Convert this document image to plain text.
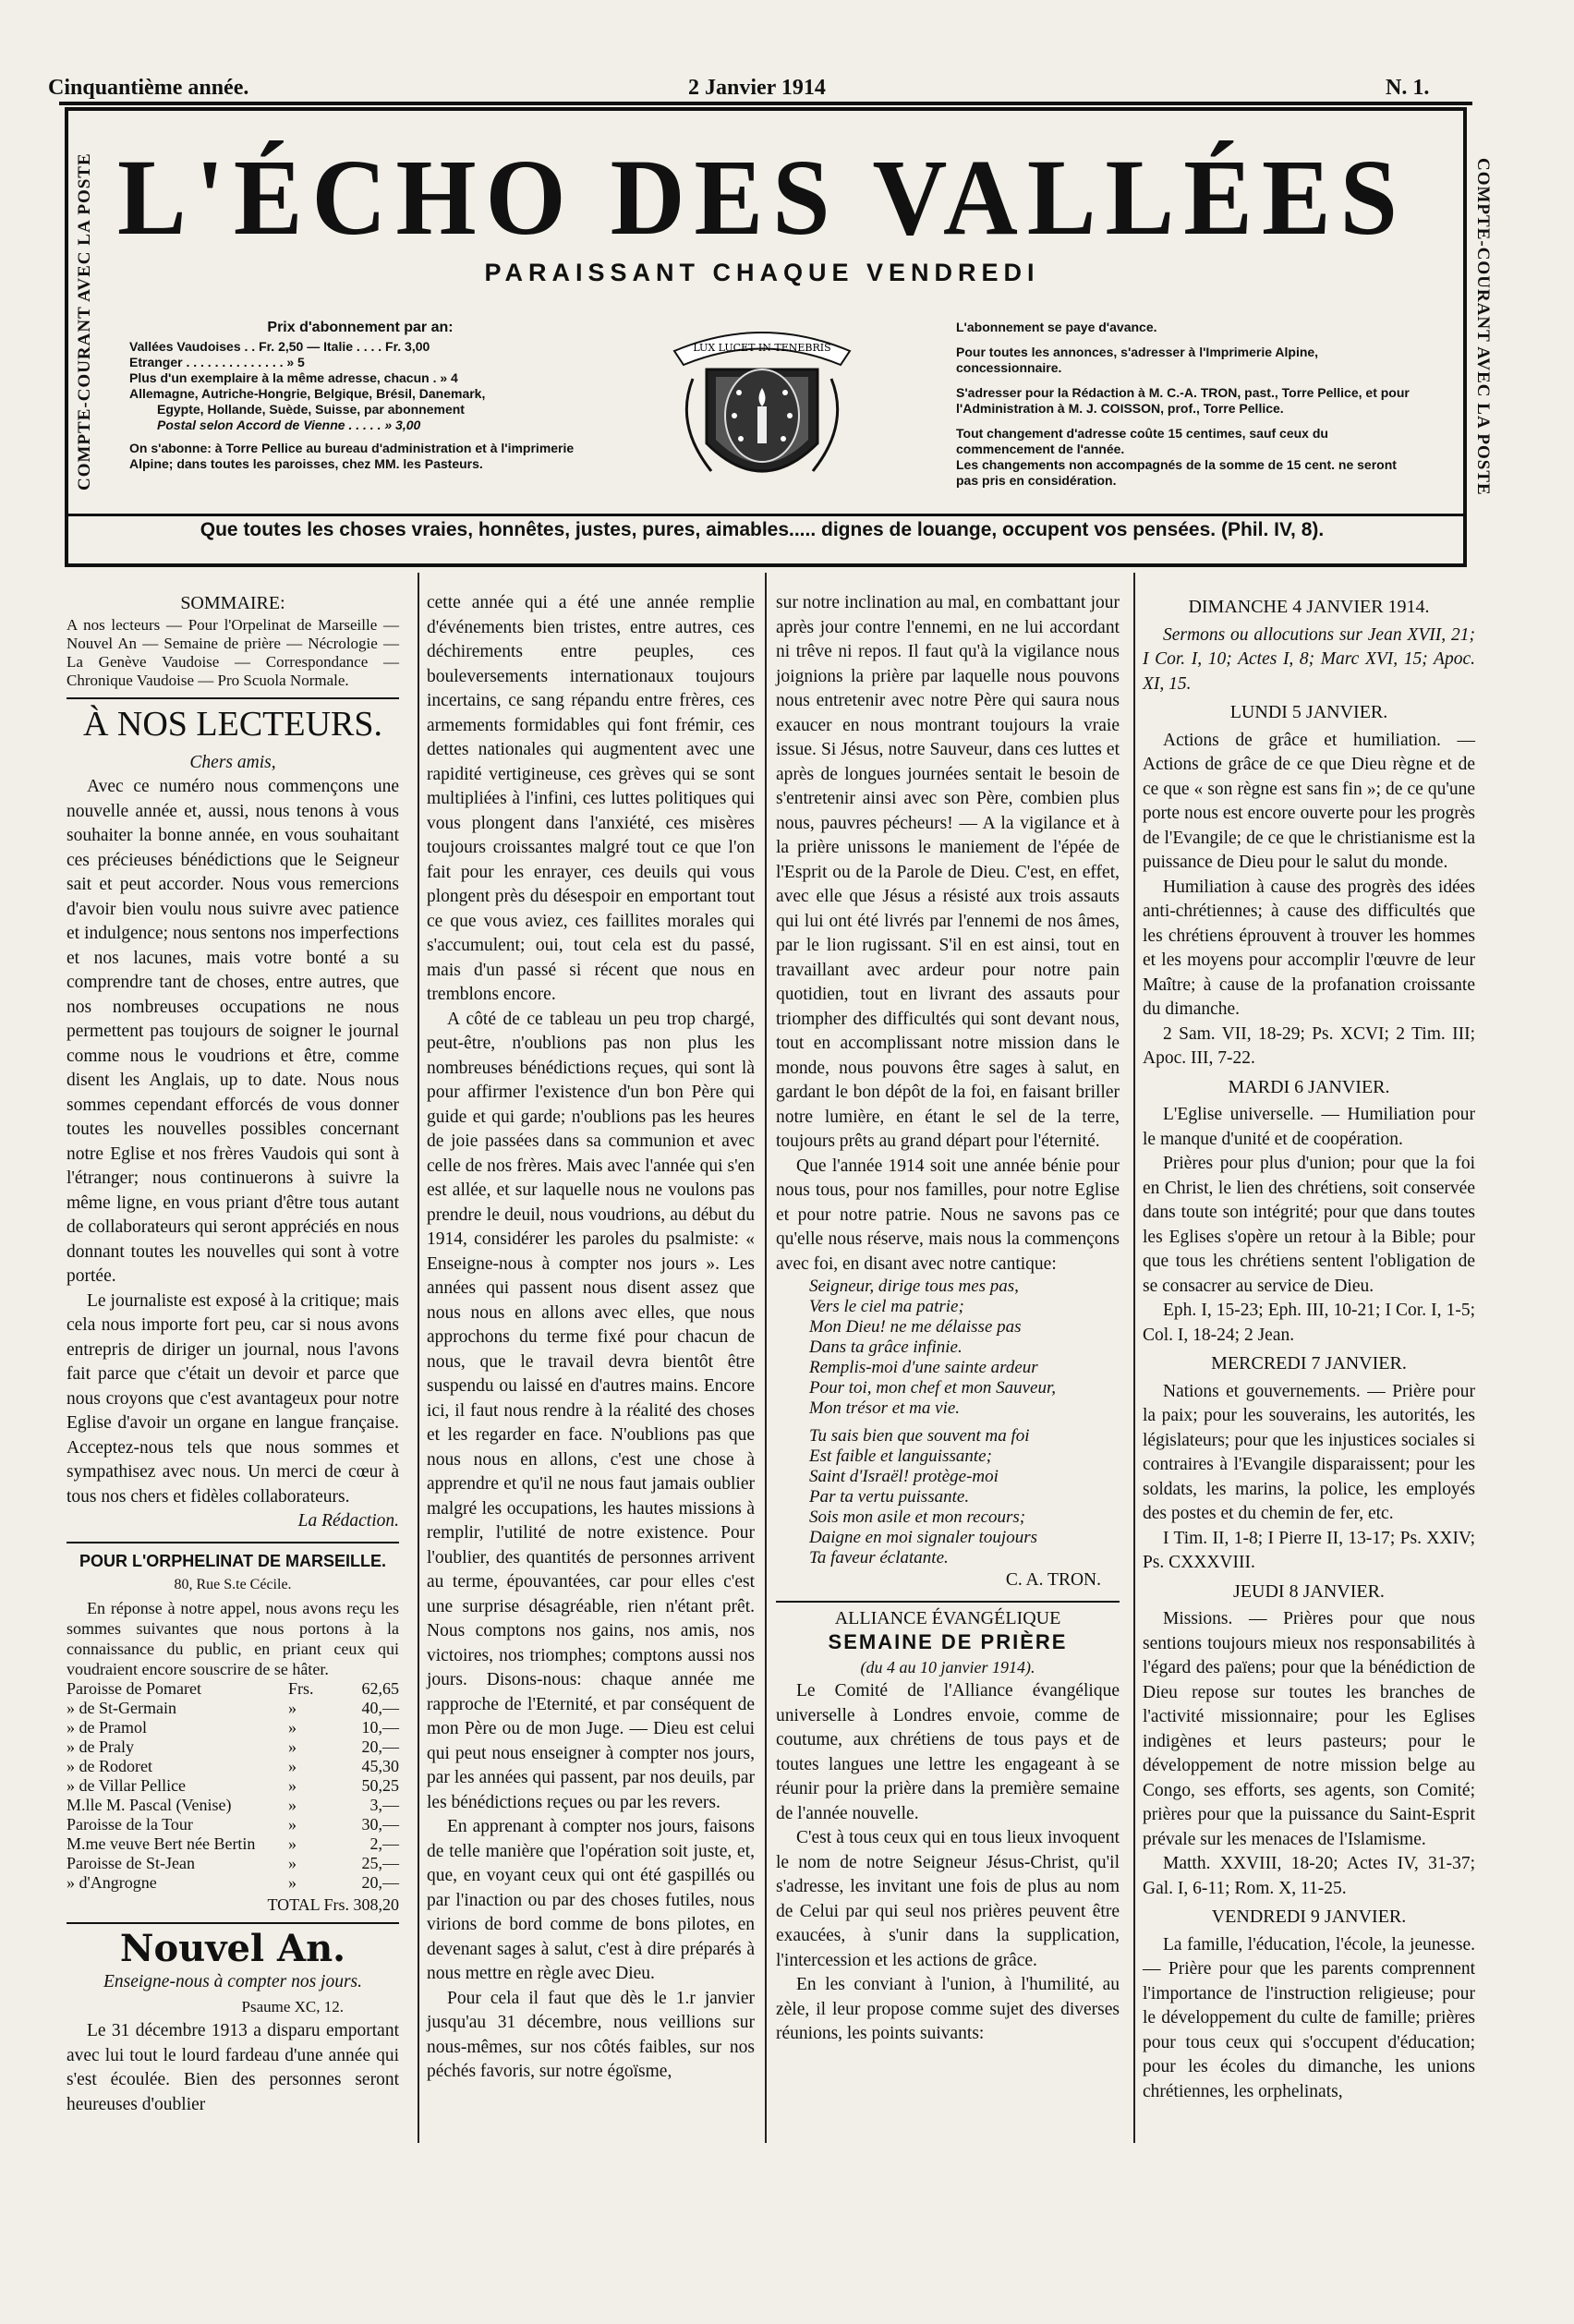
Cinquantième année.	2 Janvier 1914	N. 1.
COMPTE-COURANT AVEC LA POSTE	COMPTE-COURANT AVEC LA POSTE
L'ÉCHO DES VALLÉES
PARAISSANT CHAQUE VENDREDI
Prix d'abonnement par an:
Vallées Vaudoises . . Fr. 2,50 — Italie . . . . Fr. 3,00
Etranger . . . . . . . . . . . . . . » 5
Plus d'un exemplaire à la même adresse, chacun . » 4
Allemagne, Autriche-Hongrie, Belgique, Brésil, Danemark,
Egypte, Hollande, Suède, Suisse, par abonnement
Postal selon Accord de Vienne . . . . . » 3,00
On s'abonne: à Torre Pellice au bureau d'administration et à l'imprimerie Alpine; dans toutes les paroisses, chez MM. les Pasteurs.
LUX LUCET IN TENEBRIS
L'abonnement se paye d'avance.
Pour toutes les annonces, s'adresser à l'Imprimerie Alpine, concessionnaire.
S'adresser pour la Rédaction à M. C.-A. TRON, past., Torre Pellice, et pour l'Administration à M. J. COISSON, prof., Torre Pellice.
Tout changement d'adresse coûte 15 centimes, sauf ceux du commencement de l'année.
Les changements non accompagnés de la somme de 15 cent. ne seront pas pris en considération.
Que toutes les choses vraies, honnêtes, justes, pures, aimables..... dignes de louange, occupent vos pensées. (Phil. IV, 8).
SOMMAIRE:
A nos lecteurs — Pour l'Orpelinat de Marseille — Nouvel An — Semaine de prière — Nécrologie — La Genève Vaudoise — Correspondance — Chronique Vaudoise — Pro Scuola Normale.
À NOS LECTEURS.
Chers amis,

Avec ce numéro nous commençons une nouvelle année et, aussi, nous tenons à vous souhaiter la bonne année, en vous souhaitant ces précieuses bénédictions que le Seigneur sait et peut accorder. Nous vous remercions d'avoir bien voulu nous suivre avec patience et indulgence; nous sentons nos imperfections et nos lacunes, mais votre bonté a su comprendre tant de choses, entre autres, que nos nombreuses occupations ne nous permettent pas toujours de soigner le journal comme nous le voudrions et être, comme disent les Anglais, up to date. Nous nous sommes cependant efforcés de vous donner toutes les nouvelles possibles concernant notre Eglise et nos frères Vaudois qui sont à l'étranger; nous continuerons à suivre la même ligne, en vous priant d'être tous autant de collaborateurs qui seront appréciés en nous donnant toutes les nouvelles qui sont à votre portée.

Le journaliste est exposé à la critique; mais cela nous importe fort peu, car si nous avons entrepris de diriger un journal, nous l'avons fait parce que c'était un devoir et parce que nous croyons que c'est avantageux pour notre Eglise d'avoir un organe en langue française. Acceptez-nous tels que nous sommes et sympathisez avec nous. Un merci de cœur à tous nos chers et fidèles collaborateurs.

La Rédaction.
POUR L'ORPHELINAT DE MARSEILLE.
80, Rue S.te Cécile.

En réponse à notre appel, nous avons reçu les sommes suivantes que nous portons à la connaissance du public, en priant ceux qui voudraient encore souscrire de se hâter.

Paroisse de Pomaret	Frs.	62,65
» de St-Germain	»	40,—
» de Pramol	»	10,—
» de Praly	»	20,—
» de Rodoret	»	45,30
» de Villar Pellice	»	50,25
M.lle M. Pascal (Venise)	»	3,—
Paroisse de la Tour	»	30,—
M.me veuve Bert née Bertin	»	2,—
Paroisse de St-Jean	»	25,—
» d'Angrogne	»	20,—
TOTAL Frs. 308,20
Nouvel An.
Enseigne-nous à compter nos jours.
Psaume XC, 12.

Le 31 décembre 1913 a disparu emportant avec lui tout le lourd fardeau d'une année qui s'est écoulée. Bien des personnes seront heureuses d'oublier

cette année qui a été une année remplie d'événements bien tristes, entre autres, ces déchirements entre peuples, ces bouleversements internationaux toujours incertains, ce sang répandu entre frères, ces armements formidables qui font frémir, ces dettes nationales qui augmentent avec une rapidité vertigineuse, ces grèves qui se sont multipliées à l'infini, ces luttes politiques qui vous plongent dans l'anxiété, ces misères toujours croissantes malgré tout ce que l'on fait pour les enrayer, ces deuils qui vous plongent près du désespoir en emportant tout ce que vous aviez, ces faillites morales qui s'accumulent; oui, tout cela est du passé, mais d'un passé si récent que nous en tremblons encore.

A côté de ce tableau un peu trop chargé, peut-être, n'oublions pas non plus les nombreuses bénédictions reçues, qui sont là pour affirmer l'existence d'un bon Père qui guide et qui garde; n'oublions pas les heures de joie passées dans sa communion et avec celle de nos frères. Mais avec l'année qui s'en est allée, et sur laquelle nous ne voulons pas prendre le deuil, nous voudrions, au début du 1914, considérer les paroles du psalmiste: « Enseigne-nous à compter nos jours ». Les années qui passent nous disent assez que nous nous en allons avec elles, que nous approchons du terme fixé pour chacun de nous, que le travail devra bientôt être suspendu ou laissé en d'autres mains. Encore ici, il faut nous rendre à la réalité des choses et les regarder en face. N'oublions pas que nous nous en allons, c'est une chose à apprendre et qu'il ne nous faut jamais oublier malgré les occupations, les hautes missions à remplir, l'utilité de notre existence. Pour l'oublier, des quantités de personnes arrivent au terme, épouvantées, car pour elles c'est une surprise désagréable, rien n'étant prêt. Nous comptons nos gains, nos amis, nos victoires, nos triomphes; comptons aussi nos jours. Disons-nous: chaque année me rapproche de l'Eternité, et par conséquent de mon Père ou de mon Juge. — Dieu est celui qui peut nous enseigner à compter nos jours, par les années qui passent, par nos deuils, par les bénédictions reçues ou par les revers.

En apprenant à compter nos jours, faisons de telle manière que l'opération soit juste, et, que, en voyant ceux qui ont été gaspillés ou par l'inaction ou par des choses futiles, nous virions de bord comme de bons pilotes, en devenant sages à salut, c'est à dire préparés à nous mettre en règle avec Dieu.

Pour cela il faut que dès le 1.r janvier jusqu'au 31 décembre, nous veillions sur nous-mêmes, sur nos côtés faibles, sur nos péchés favoris, sur notre égoïsme,

sur notre inclination au mal, en combattant jour après jour contre l'ennemi, en ne lui accordant ni trêve ni repos. Il faut qu'à la vigilance nous joignions la prière par laquelle nous pouvons nous entretenir avec notre Père qui saura nous exaucer en nous montrant toujours la vraie issue. Si Jésus, notre Sauveur, dans ces luttes et après de longues journées sentait le besoin de s'entretenir ainsi avec son Père, combien plus nous, pauvres pécheurs! — A la vigilance et à la prière unissons le maniement de l'épée de l'Esprit ou de la Parole de Dieu. C'est, en effet, avec elle que Jésus a résisté aux trois assauts qui lui ont été livrés par l'ennemi de nos âmes, par le lion rugissant. S'il en est ainsi, tout en travaillant avec ardeur pour notre pain quotidien, tout en livrant des assauts pour triompher des difficultés qui sont devant nous, tout en accomplissant notre mission dans le monde, nous pouvons être sages à salut, en gardant le bon dépôt de la foi, en faisant briller notre lumière, en étant le sel de la terre, toujours prêts au grand départ pour l'éternité.

Que l'année 1914 soit une année bénie pour nous tous, pour nos familles, pour notre Eglise et pour notre patrie. Nous ne savons pas ce qu'elle nous réserve, mais nous la commençons avec foi, en disant avec notre cantique:

Seigneur, dirige tous mes pas,
Vers le ciel ma patrie;
Mon Dieu! ne me délaisse pas
Dans ta grâce infinie.
Remplis-moi d'une sainte ardeur
Pour toi, mon chef et mon Sauveur,
Mon trésor et ma vie.
Tu sais bien que souvent ma foi
Est faible et languissante;
Saint d'Israël! protège-moi
Par ta vertu puissante.
Sois mon asile et mon recours;
Daigne en moi signaler toujours
Ta faveur éclatante.
C. A. TRON.
ALLIANCE ÉVANGÉLIQUE
SEMAINE DE PRIÈRE
(du 4 au 10 janvier 1914).

Le Comité de l'Alliance évangélique universelle à Londres envoie, comme de coutume, aux chrétiens de tous pays et de toutes langues une lettre les engageant à se réunir pour la prière dans la première semaine de l'année nouvelle.

C'est à tous ceux qui en tous lieux invoquent le nom de notre Seigneur Jésus-Christ, qu'il s'adresse, les invitant une fois de plus au nom de Celui par qui seul nos prières peuvent être exaucées, à s'unir dans la supplication, l'intercession et les actions de grâce.

En les conviant à l'union, à l'humilité, au zèle, il leur propose comme sujet des diverses réunions, les points suivants:

DIMANCHE 4 JANVIER 1914.

Sermons ou allocutions sur Jean XVII, 21; I Cor. I, 10; Actes I, 8; Marc XVI, 15; Apoc. XI, 15.

LUNDI 5 JANVIER.

Actions de grâce et humiliation. — Actions de grâce de ce que Dieu règne et de ce que « son règne est sans fin »; de ce qu'une porte nous est encore ouverte pour les progrès de l'Evangile; de ce que le christianisme est la puissance de Dieu pour le salut du monde.

Humiliation à cause des progrès des idées anti-chrétiennes; à cause des difficultés que les chrétiens éprouvent à trouver les hommes et les moyens pour accomplir l'œuvre de leur Maître; à cause de la profanation croissante du dimanche.

2 Sam. VII, 18-29; Ps. XCVI; 2 Tim. III; Apoc. III, 7-22.

MARDI 6 JANVIER.

L'Eglise universelle. — Humiliation pour le manque d'unité et de coopération.

Prières pour plus d'union; pour que la foi en Christ, le lien des chrétiens, soit conservée dans toute son intégrité; pour que dans toutes les Eglises s'opère un retour à la Bible; pour que tous les chrétiens sentent l'obligation de se consacrer au service de Dieu.

Eph. I, 15-23; Eph. III, 10-21; I Cor. I, 1-5; Col. I, 18-24; 2 Jean.

MERCREDI 7 JANVIER.

Nations et gouvernements. — Prière pour la paix; pour les souverains, les autorités, les législateurs; pour que les injustices sociales si contraires à l'Evangile disparaissent; pour les soldats, les marins, la police, les employés des postes et du chemin de fer, etc.

I Tim. II, 1-8; I Pierre II, 13-17; Ps. XXIV; Ps. CXXXVIII.

JEUDI 8 JANVIER.

Missions. — Prières pour que nous sentions toujours mieux nos responsabilités à l'égard des païens; pour que la bénédiction de Dieu repose sur toutes les branches de l'activité missionnaire; pour les Eglises indigènes et leurs pasteurs; pour le développement de notre mission belge au Congo, ses efforts, ses agents, son Comité; prières pour que la puissance du Saint-Esprit prévale sur les menaces de l'Islamisme.

Matth. XXVIII, 18-20; Actes IV, 31-37; Gal. I, 6-11; Rom. X, 11-25.

VENDREDI 9 JANVIER.

La famille, l'éducation, l'école, la jeunesse. — Prière pour que les parents comprennent l'importance de l'instruction religieuse; pour le développement du culte de famille; prières pour tous ceux qui s'occupent d'éducation; pour les écoles du dimanche, les unions chrétiennes, les orphelinats,
